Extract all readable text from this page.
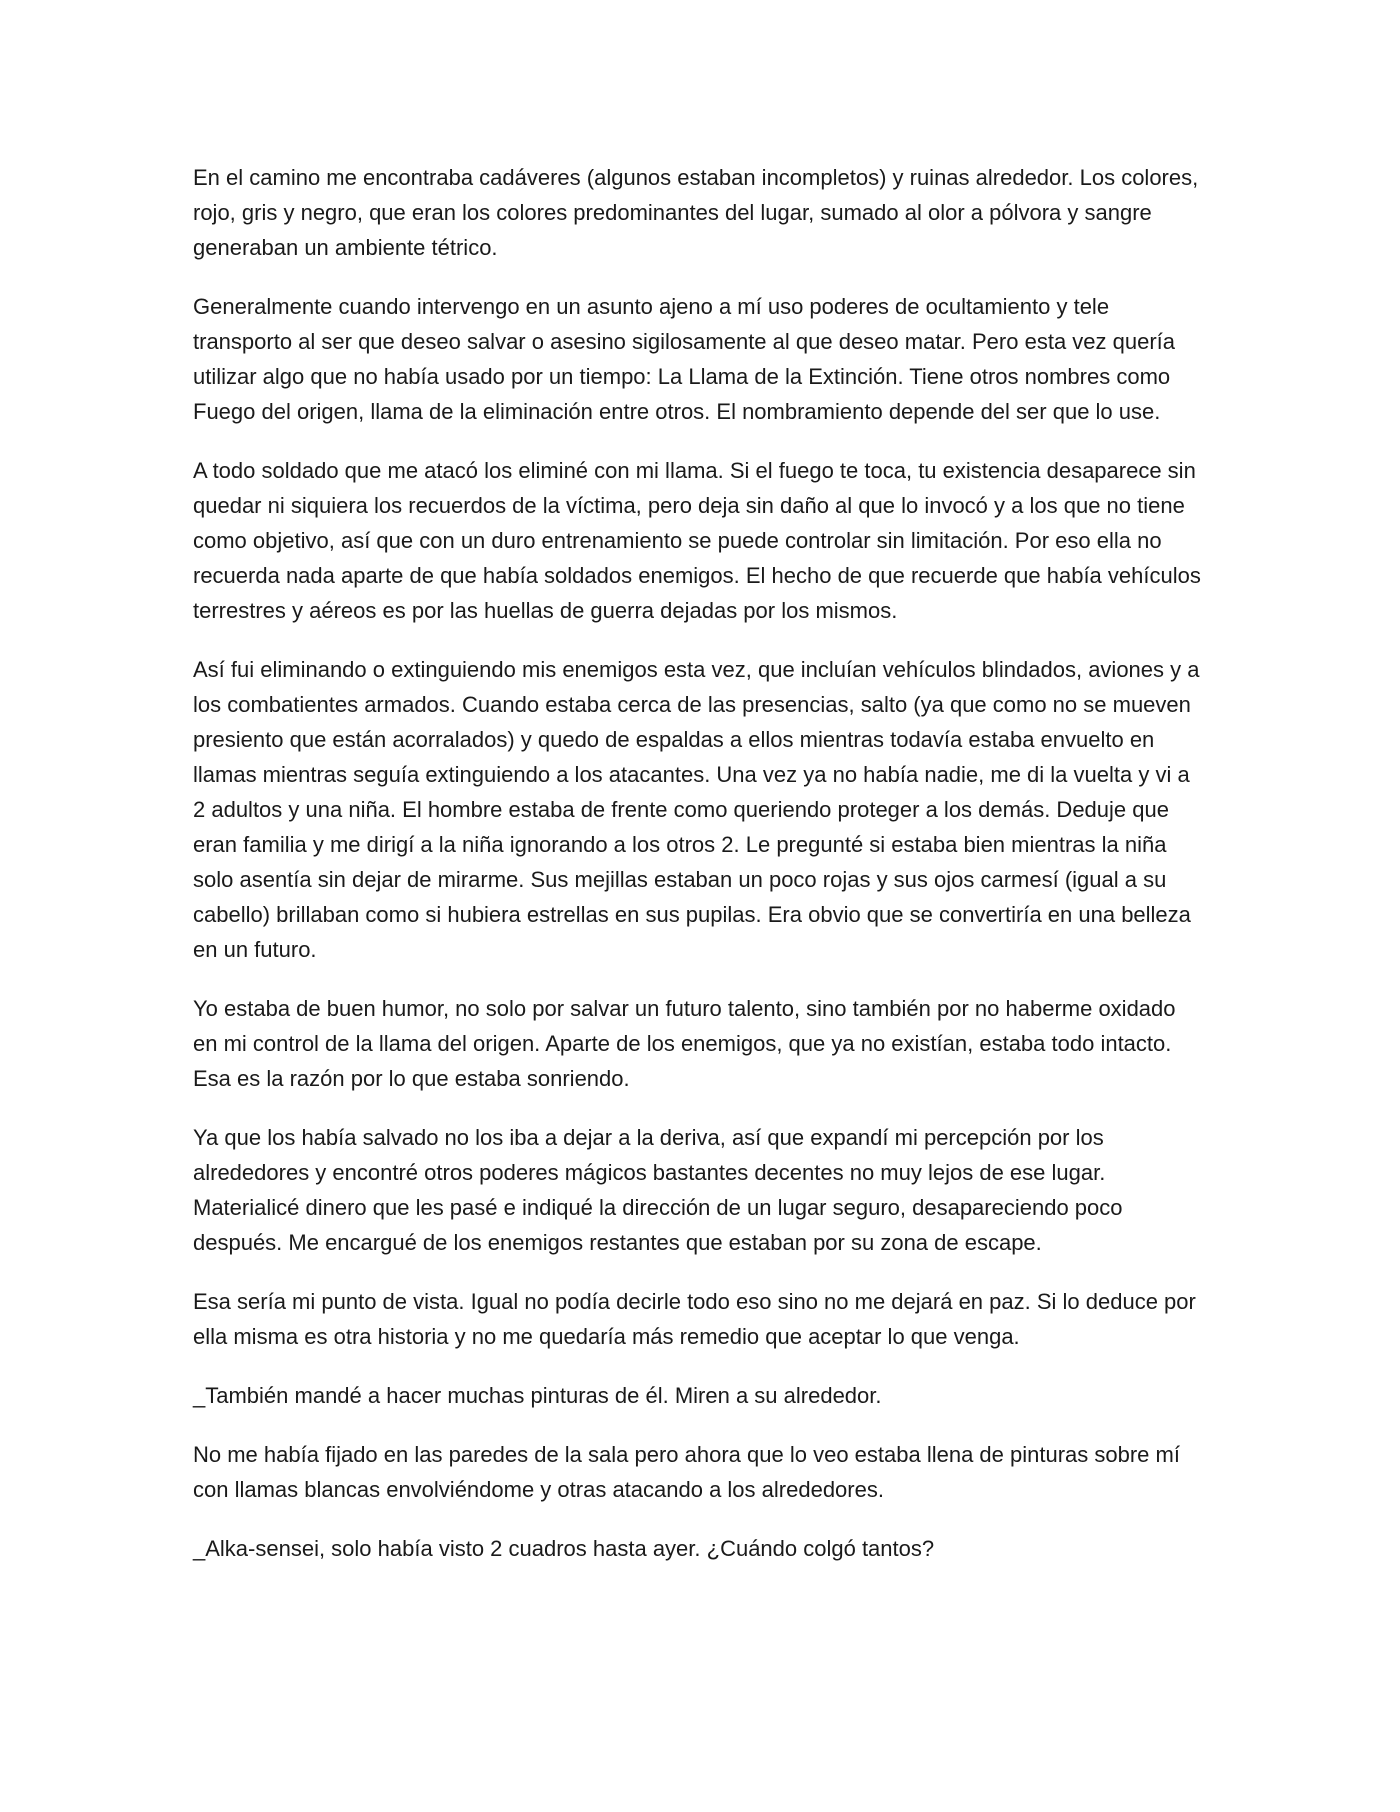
En el camino me encontraba cadáveres (algunos estaban incompletos) y ruinas alrededor. Los colores, rojo, gris y negro, que eran los colores predominantes del lugar, sumado al olor a pólvora y sangre generaban un ambiente tétrico.

Generalmente cuando intervengo en un asunto ajeno a mí uso poderes de ocultamiento y tele transporto al ser que deseo salvar o asesino sigilosamente al que deseo matar. Pero esta vez quería utilizar algo que no había usado por un tiempo: La Llama de la Extinción. Tiene otros nombres como Fuego del origen, llama de la eliminación entre otros. El nombramiento depende del ser que lo use.

A todo soldado que me atacó los eliminé con mi llama. Si el fuego te toca, tu existencia desaparece sin quedar ni siquiera los recuerdos de la víctima, pero deja sin daño al que lo invocó y a los que no tiene como objetivo, así que con un duro entrenamiento se puede controlar sin limitación. Por eso ella no recuerda nada aparte de que había soldados enemigos. El hecho de que recuerde que había vehículos terrestres y aéreos es por las huellas de guerra dejadas por los mismos.

Así fui eliminando o extinguiendo mis enemigos esta vez, que incluían vehículos blindados, aviones y a los combatientes armados. Cuando estaba cerca de las presencias, salto (ya que como no se mueven presiento que están acorralados) y quedo de espaldas a ellos mientras todavía estaba envuelto en llamas mientras seguía extinguiendo a los atacantes. Una vez ya no había nadie, me di la vuelta y vi a 2 adultos y una niña. El hombre estaba de frente como queriendo proteger a los demás. Deduje que eran familia y me dirigí a la niña ignorando a los otros 2. Le pregunté si estaba bien mientras la niña solo asentía sin dejar de mirarme. Sus mejillas estaban un poco rojas y sus ojos carmesí (igual a su cabello) brillaban como si hubiera estrellas en sus pupilas. Era obvio que se convertiría en una belleza en un futuro.

Yo estaba de buen humor, no solo por salvar un futuro talento, sino también por no haberme oxidado en mi control de la llama del origen. Aparte de los enemigos, que ya no existían, estaba todo intacto. Esa es la razón por lo que estaba sonriendo.

Ya que los había salvado no los iba a dejar a la deriva, así que expandí mi percepción por los alrededores y encontré otros poderes mágicos bastantes decentes no muy lejos de ese lugar. Materialicé dinero que les pasé e indiqué la dirección de un lugar seguro, desapareciendo poco después. Me encargué de los enemigos restantes que estaban por su zona de escape.

Esa sería mi punto de vista. Igual no podía decirle todo eso sino no me dejará en paz. Si lo deduce por ella misma es otra historia y no me quedaría más remedio que aceptar lo que venga.

_También mandé a hacer muchas pinturas de él. Miren a su alrededor.

No me había fijado en las paredes de la sala pero ahora que lo veo estaba llena de pinturas sobre mí con llamas blancas envolviéndome y otras atacando a los alrededores.

_Alka-sensei, solo había visto 2 cuadros hasta ayer. ¿Cuándo colgó tantos?
